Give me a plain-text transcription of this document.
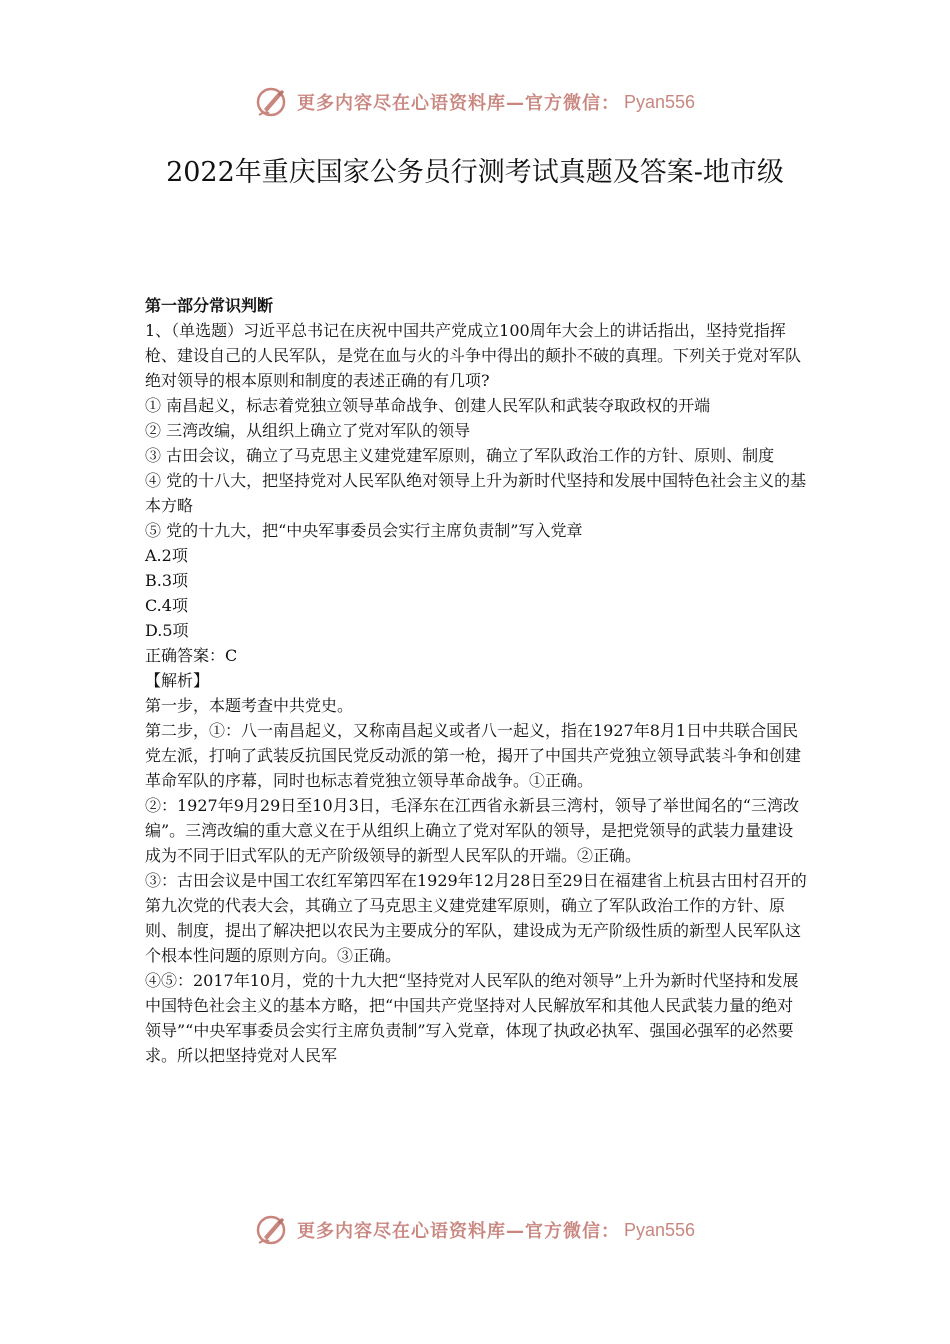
更多内容尽在心语资料库—官方微信： Pyan556
2022年重庆国家公务员行测考试真题及答案-地市级

第一部分常识判断

1、（单选题）习近平总书记在庆祝中国共产党成立100周年大会上的讲话指出，坚持党指挥枪、建设自己的人民军队，是党在血与火的斗争中得出的颠扑不破的真理。下列关于党对军队绝对领导的根本原则和制度的表述正确的有几项?

① 南昌起义，标志着党独立领导革命战争、创建人民军队和武装夺取政权的开端

② 三湾改编，从组织上确立了党对军队的领导

③ 古田会议，确立了马克思主义建党建军原则，确立了军队政治工作的方针、原则、制度

④ 党的十八大，把坚持党对人民军队绝对领导上升为新时代坚持和发展中国特色社会主义的基本方略

⑤ 党的十九大，把“中央军事委员会实行主席负责制”写入党章

A.2项

B.3项

C.4项

D.5项

正确答案：C

【解析】

第一步，本题考查中共党史。

第二步，①：八一南昌起义，又称南昌起义或者八一起义，指在1927年8月1日中共联合国民党左派，打响了武装反抗国民党反动派的第一枪，揭开了中国共产党独立领导武装斗争和创建革命军队的序幕，同时也标志着党独立领导革命战争。①正确。

②：1927年9月29日至10月3日，毛泽东在江西省永新县三湾村，领导了举世闻名的“三湾改编”。三湾改编的重大意义在于从组织上确立了党对军队的领导，是把党领导的武装力量建设成为不同于旧式军队的无产阶级领导的新型人民军队的开端。②正确。

③：古田会议是中国工农红军第四军在1929年12月28日至29日在福建省上杭县古田村召开的第九次党的代表大会，其确立了马克思主义建党建军原则，确立了军队政治工作的方针、原则、制度，提出了解决把以农民为主要成分的军队，建设成为无产阶级性质的新型人民军队这个根本性问题的原则方向。③正确。

④⑤：2017年10月，党的十九大把“坚持党对人民军队的绝对领导”上升为新时代坚持和发展中国特色社会主义的基本方略，把“中国共产党坚持对人民解放军和其他人民武装力量的绝对领导”“中央军事委员会实行主席负责制”写入党章，体现了执政必执军、强国必强军的必然要求。所以把坚持党对人民军

更多内容尽在心语资料库—官方微信： Pyan556
